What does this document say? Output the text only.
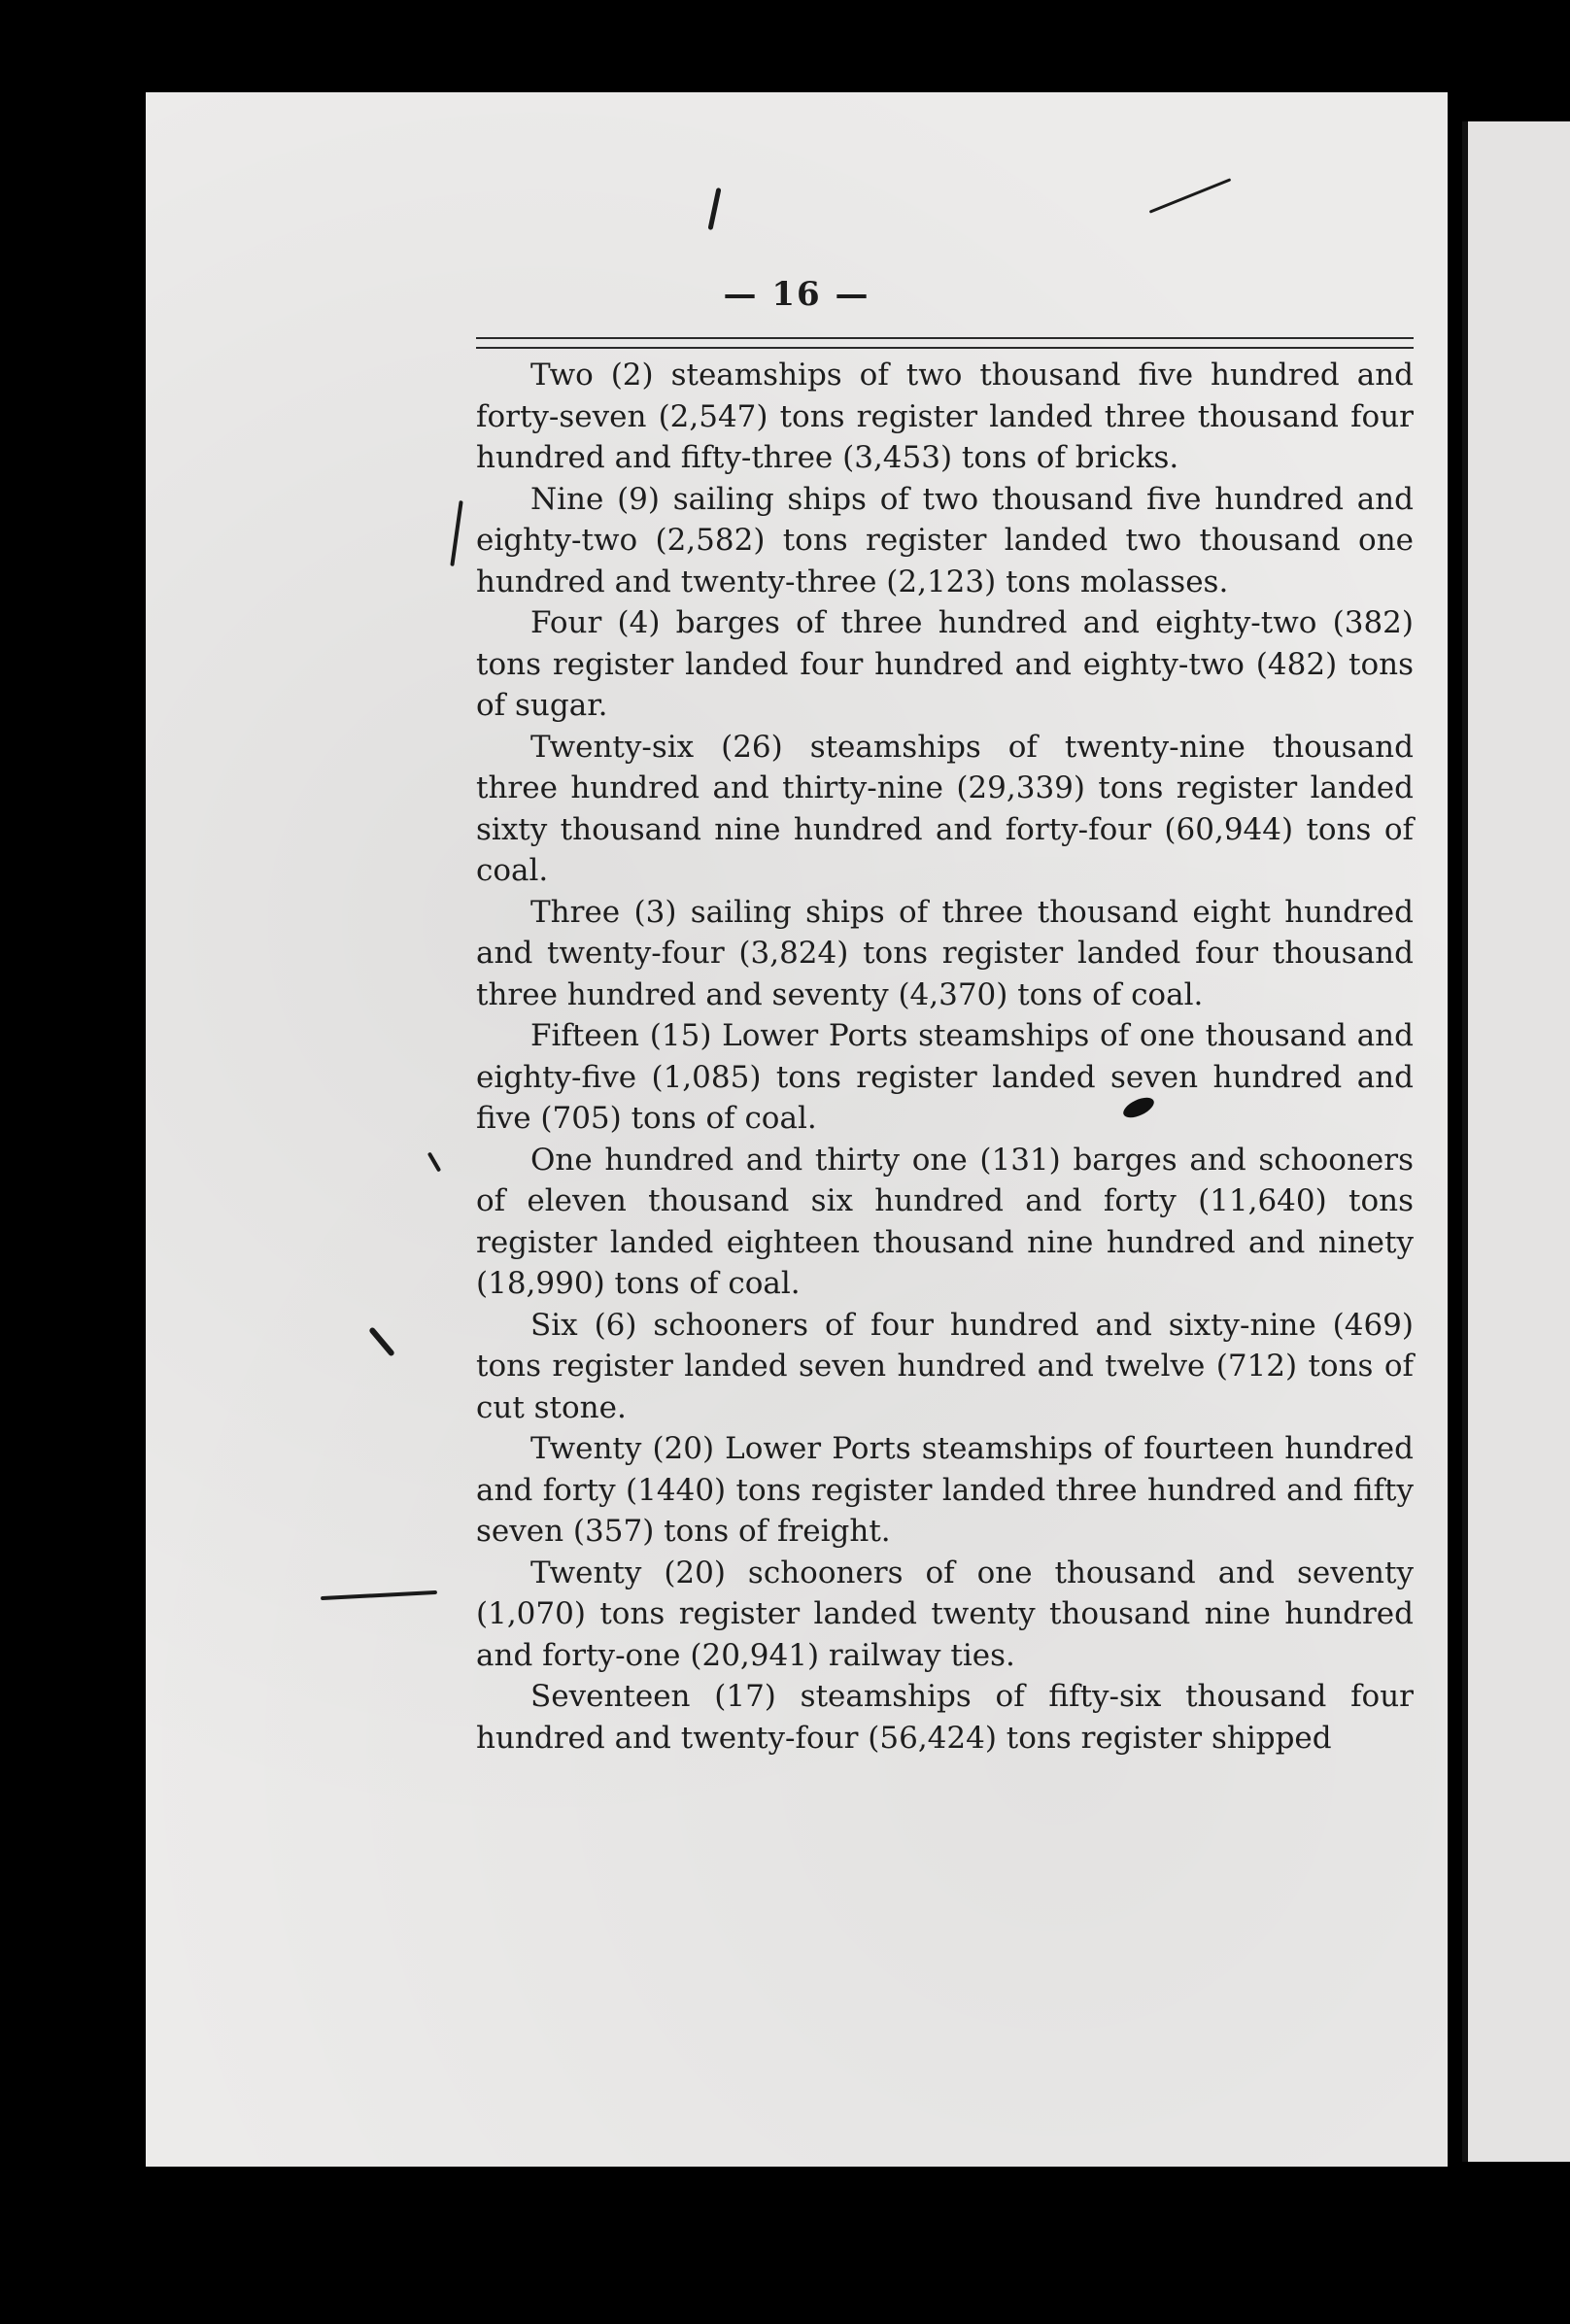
— 16 —

Two (2) steamships of two thousand five hundred and forty-seven (2,547) tons register landed three thousand four hundred and fifty-three (3,453) tons of bricks.

Nine (9) sailing ships of two thousand five hundred and eighty-two (2,582) tons register landed two thousand one hundred and twenty-three (2,123) tons molasses.

Four (4) barges of three hundred and eighty-two (382) tons register landed four hundred and eighty-two (482) tons of sugar.

Twenty-six (26) steamships of twenty-nine thousand three hundred and thirty-nine (29,339) tons register landed sixty thousand nine hundred and forty-four (60,944) tons of coal.

Three (3) sailing ships of three thousand eight hundred and twenty-four (3,824) tons register landed four thousand three hundred and seventy (4,370) tons of coal.

Fifteen (15) Lower Ports steamships of one thousand and eighty-five (1,085) tons register landed seven hundred and five (705) tons of coal.

One hundred and thirty one (131) barges and schooners of eleven thousand six hundred and forty (11,640) tons register landed eighteen thousand nine hundred and ninety (18,990) tons of coal.

Six (6) schooners of four hundred and sixty-nine (469) tons register landed seven hundred and twelve (712) tons of cut stone.

Twenty (20) Lower Ports steamships of fourteen hundred and forty (1440) tons register landed three hundred and fifty seven (357) tons of freight.

Twenty (20) schooners of one thousand and seventy (1,070) tons register landed twenty thousand nine hundred and forty-one (20,941) railway ties.

Seventeen (17) steamships of fifty-six thousand four hundred and twenty-four (56,424) tons register shipped
